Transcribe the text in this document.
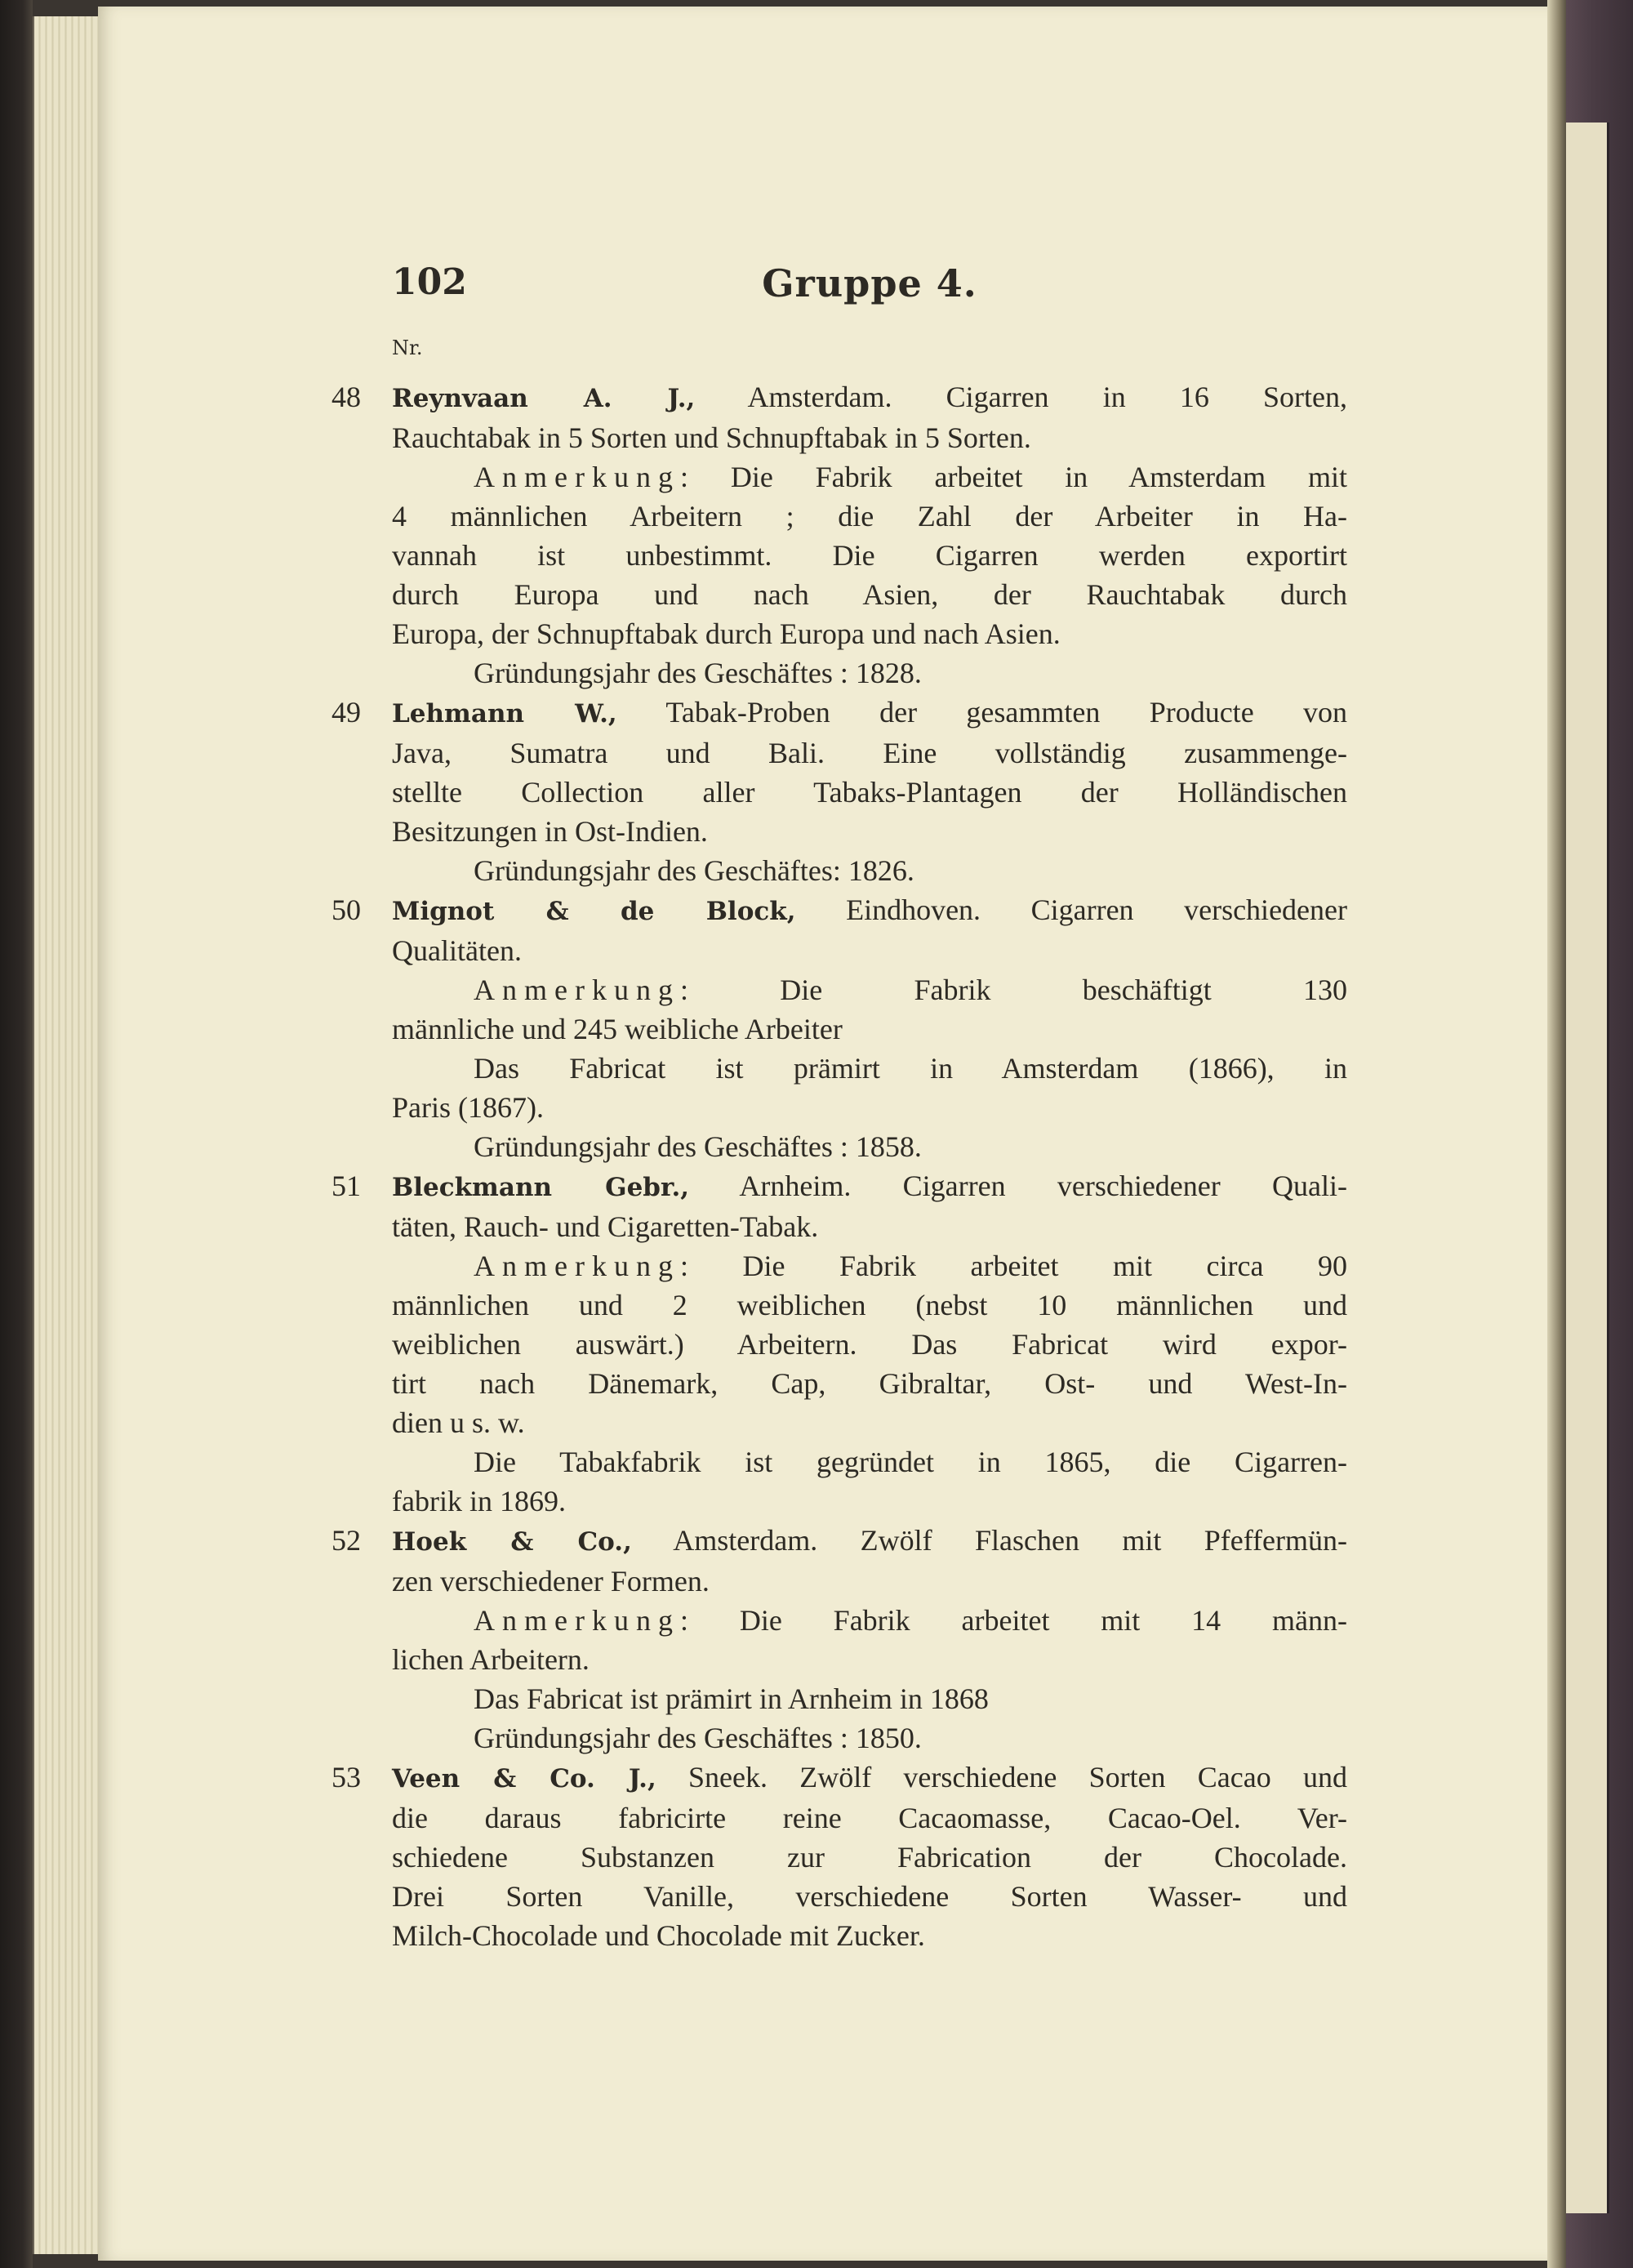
102	Gruppe 4.
Nr.
48	Reynvaan A. J., Amsterdam. Cigarren in 16 Sorten,
Rauchtabak in 5 Sorten und Schnupftabak in 5 Sorten.
Anmerkung: Die Fabrik arbeitet in Amsterdam mit
4 männlichen Arbeitern ; die Zahl der Arbeiter in Ha-
vannah ist unbestimmt. Die Cigarren werden exportirt
durch Europa und nach Asien, der Rauchtabak durch
Europa, der Schnupftabak durch Europa und nach Asien.
Gründungsjahr des Geschäftes : 1828.
49	Lehmann W., Tabak-Proben der gesammten Producte von
Java, Sumatra und Bali. Eine vollständig zusammenge-
stellte Collection aller Tabaks-Plantagen der Holländischen
Besitzungen in Ost-Indien.
Gründungsjahr des Geschäftes: 1826.
50	Mignot & de Block, Eindhoven. Cigarren verschiedener
Qualitäten.
Anmerkung: Die Fabrik beschäftigt 130
männliche und 245 weibliche Arbeiter
Das Fabricat ist prämirt in Amsterdam (1866), in
Paris (1867).
Gründungsjahr des Geschäftes : 1858.
51	Bleckmann Gebr., Arnheim. Cigarren verschiedener Quali-
täten, Rauch- und Cigaretten-Tabak.
Anmerkung: Die Fabrik arbeitet mit circa 90
männlichen und 2 weiblichen (nebst 10 männlichen und
weiblichen auswärt.) Arbeitern. Das Fabricat wird expor-
tirt nach Dänemark, Cap, Gibraltar, Ost- und West-In-
dien u s. w.
Die Tabakfabrik ist gegründet in 1865, die Cigarren-
fabrik in 1869.
52	Hoek & Co., Amsterdam. Zwölf Flaschen mit Pfeffermün-
zen verschiedener Formen.
Anmerkung: Die Fabrik arbeitet mit 14 männ-
lichen Arbeitern.
Das Fabricat ist prämirt in Arnheim in 1868
Gründungsjahr des Geschäftes : 1850.
53	Veen & Co. J., Sneek. Zwölf verschiedene Sorten Cacao und
die daraus fabricirte reine Cacaomasse, Cacao-Oel. Ver-
schiedene Substanzen zur Fabrication der Chocolade.
Drei Sorten Vanille, verschiedene Sorten Wasser- und
Milch-Chocolade und Chocolade mit Zucker.
